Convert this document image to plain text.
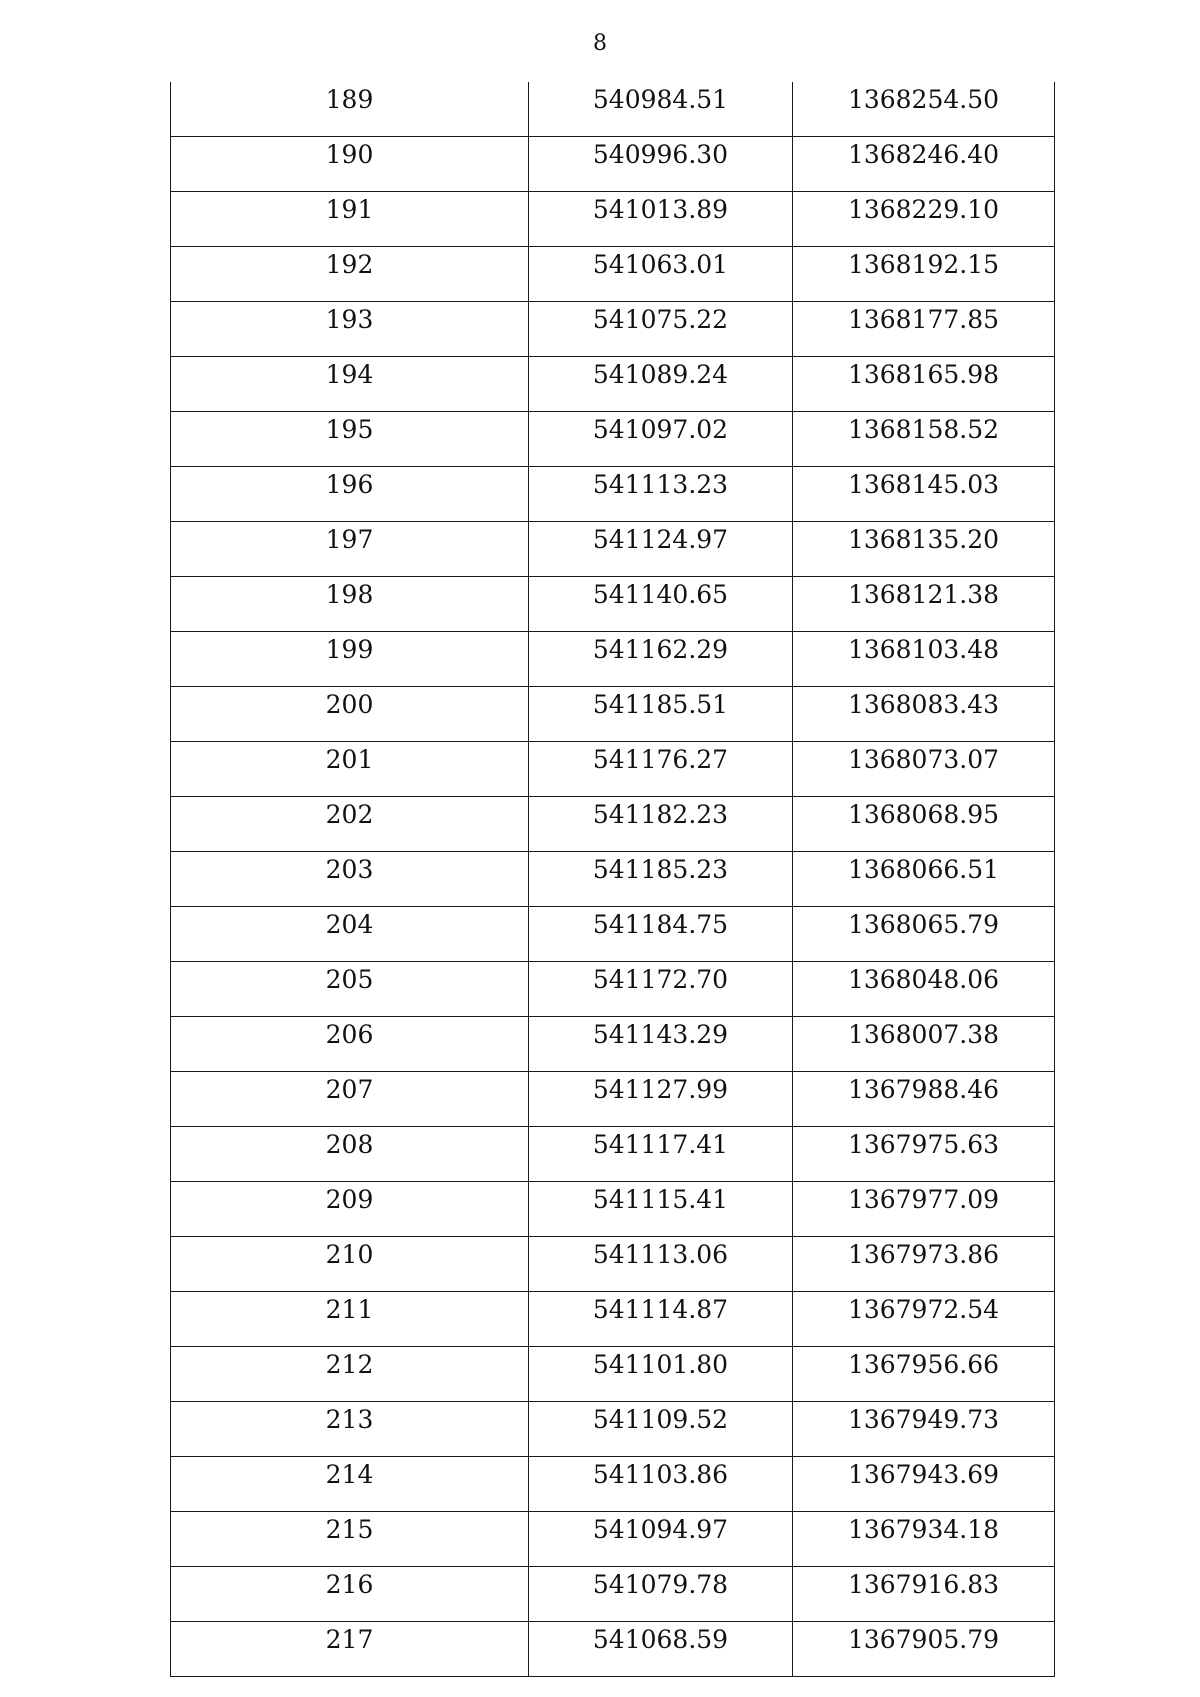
8
189	540984.51	1368254.50
190	540996.30	1368246.40
191	541013.89	1368229.10
192	541063.01	1368192.15
193	541075.22	1368177.85
194	541089.24	1368165.98
195	541097.02	1368158.52
196	541113.23	1368145.03
197	541124.97	1368135.20
198	541140.65	1368121.38
199	541162.29	1368103.48
200	541185.51	1368083.43
201	541176.27	1368073.07
202	541182.23	1368068.95
203	541185.23	1368066.51
204	541184.75	1368065.79
205	541172.70	1368048.06
206	541143.29	1368007.38
207	541127.99	1367988.46
208	541117.41	1367975.63
209	541115.41	1367977.09
210	541113.06	1367973.86
211	541114.87	1367972.54
212	541101.80	1367956.66
213	541109.52	1367949.73
214	541103.86	1367943.69
215	541094.97	1367934.18
216	541079.78	1367916.83
217	541068.59	1367905.79
